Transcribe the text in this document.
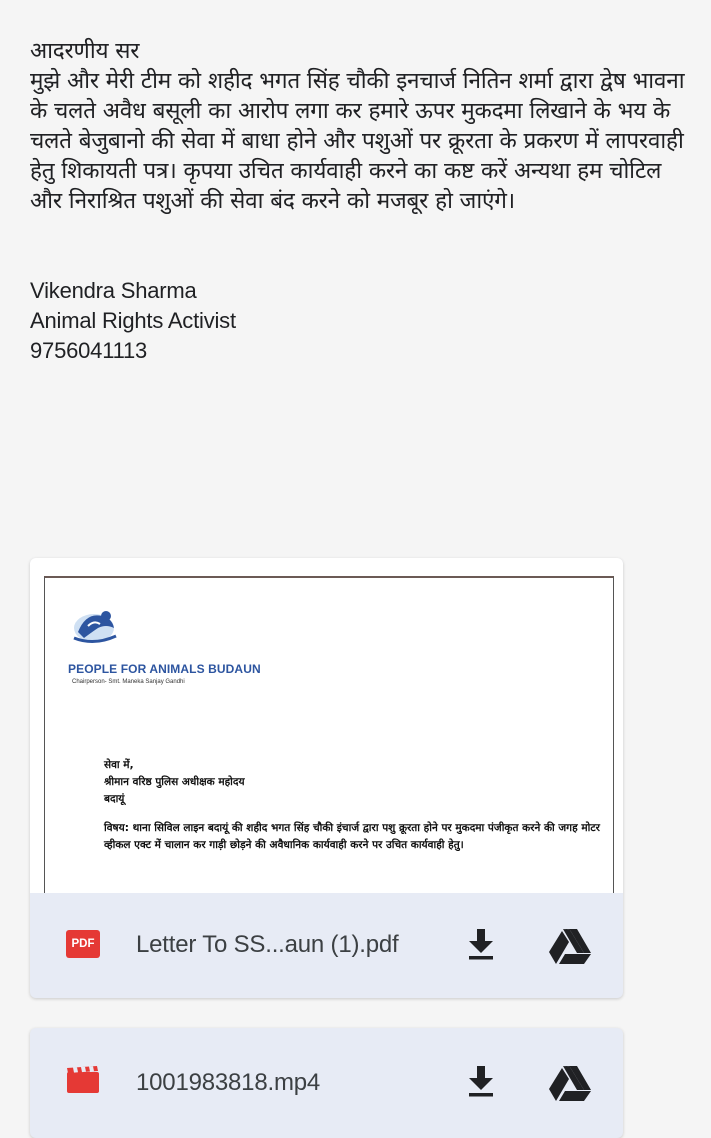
आदरणीय सर

मुझे और मेरी टीम को शहीद भगत सिंह चौकी इनचार्ज नितिन शर्मा द्वारा द्वेष भावना के चलते अवैध बसूली का आरोप लगा कर हमारे ऊपर मुकदमा लिखाने के भय के चलते बेजुबानो की सेवा में बाधा होने और पशुओं पर क्रूरता के प्रकरण में लापरवाही हेतु शिकायती पत्र। कृपया उचित कार्यवाही करने का कष्ट करें अन्यथा हम चोटिल और निराश्रित पशुओं की सेवा बंद करने को मजबूर हो जाएंगे।

Vikendra Sharma

Animal Rights Activist

9756041113

PEOPLE FOR ANIMALS BUDAUN
Chairperson- Smt. Maneka Sanjay Gandhi
सेवा में,
श्रीमान वरिष्ठ पुलिस अधीक्षक महोदय
बदायूं
विषय: थाना सिविल लाइन बदायूं की शहीद भगत सिंह चौकी इंचार्ज द्वारा पशु क्रूरता होने पर मुकदमा पंजीकृत करने की जगह मोटर व्हीकल एक्ट में चालान कर गाड़ी छोड़ने की अवैधानिक कार्यवाही करने पर उचित कार्यवाही हेतु।
PDF Letter To SS...aun (1).pdf
1001983818.mp4
